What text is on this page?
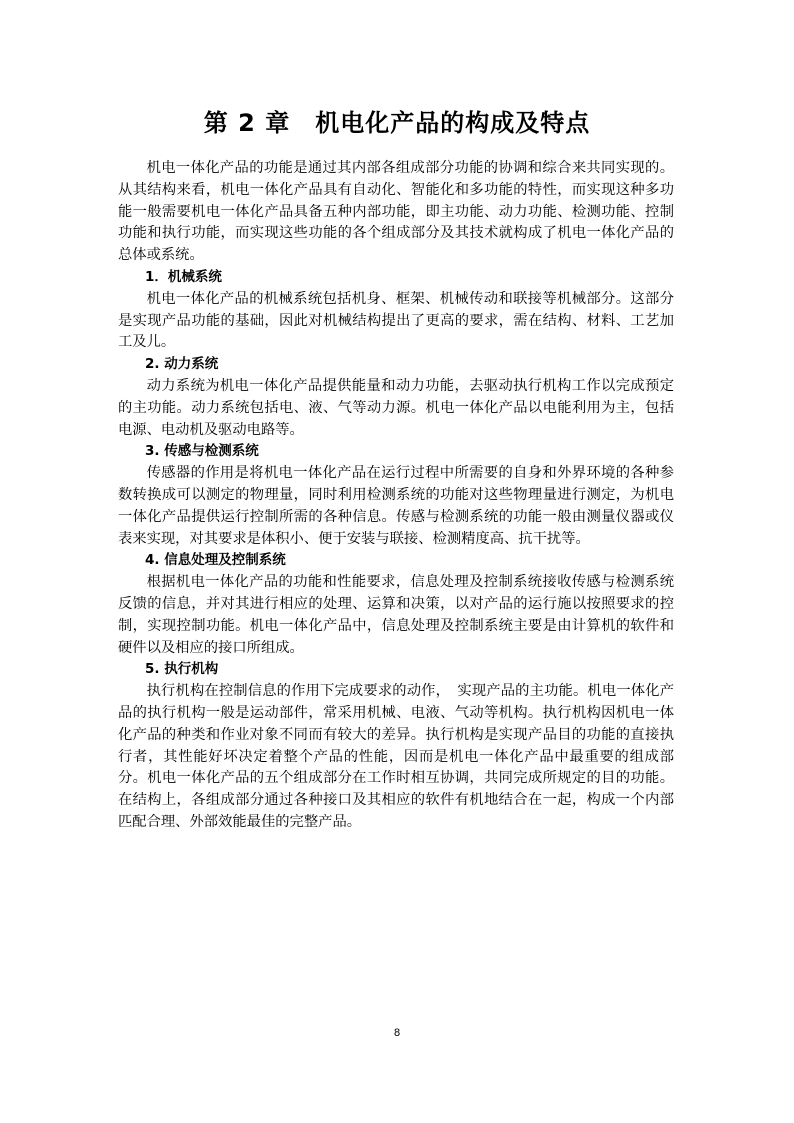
第 2 章　机电化产品的构成及特点

机电一体化产品的功能是通过其内部各组成部分功能的协调和综合来共同实现的。从其结构来看，机电一体化产品具有自动化、智能化和多功能的特性，而实现这种多功能一般需要机电一体化产品具备五种内部功能，即主功能、动力功能、检测功能、控制功能和执行功能，而实现这些功能的各个组成部分及其技术就构成了机电一体化产品的总体或系统。

1．机械系统

机电一体化产品的机械系统包括机身、框架、机械传动和联接等机械部分。这部分是实现产品功能的基础，因此对机械结构提出了更高的要求，需在结构、材料、工艺加工及儿。

2. 动力系统

动力系统为机电一体化产品提供能量和动力功能，去驱动执行机构工作以完成预定的主功能。动力系统包括电、液、气等动力源。机电一体化产品以电能利用为主，包括电源、电动机及驱动电路等。

3. 传感与检测系统

传感器的作用是将机电一体化产品在运行过程中所需要的自身和外界环境的各种参数转换成可以测定的物理量，同时利用检测系统的功能对这些物理量进行测定，为机电一体化产品提供运行控制所需的各种信息。传感与检测系统的功能一般由测量仪器或仪表来实现，对其要求是体积小、便于安装与联接、检测精度高、抗干扰等。

4. 信息处理及控制系统

根据机电一体化产品的功能和性能要求，信息处理及控制系统接收传感与检测系统反馈的信息，并对其进行相应的处理、运算和决策，以对产品的运行施以按照要求的控制，实现控制功能。机电一体化产品中，信息处理及控制系统主要是由计算机的软件和硬件以及相应的接口所组成。

5. 执行机构

执行机构在控制信息的作用下完成要求的动作，　实现产品的主功能。机电一体化产品的执行机构一般是运动部件，常采用机械、电液、气动等机构。执行机构因机电一体化产品的种类和作业对象不同而有较大的差异。执行机构是实现产品目的功能的直接执行者，其性能好坏决定着整个产品的性能，因而是机电一体化产品中最重要的组成部分。机电一体化产品的五个组成部分在工作时相互协调，共同完成所规定的目的功能。在结构上，各组成部分通过各种接口及其相应的软件有机地结合在一起，构成一个内部匹配合理、外部效能最佳的完整产品。

8
